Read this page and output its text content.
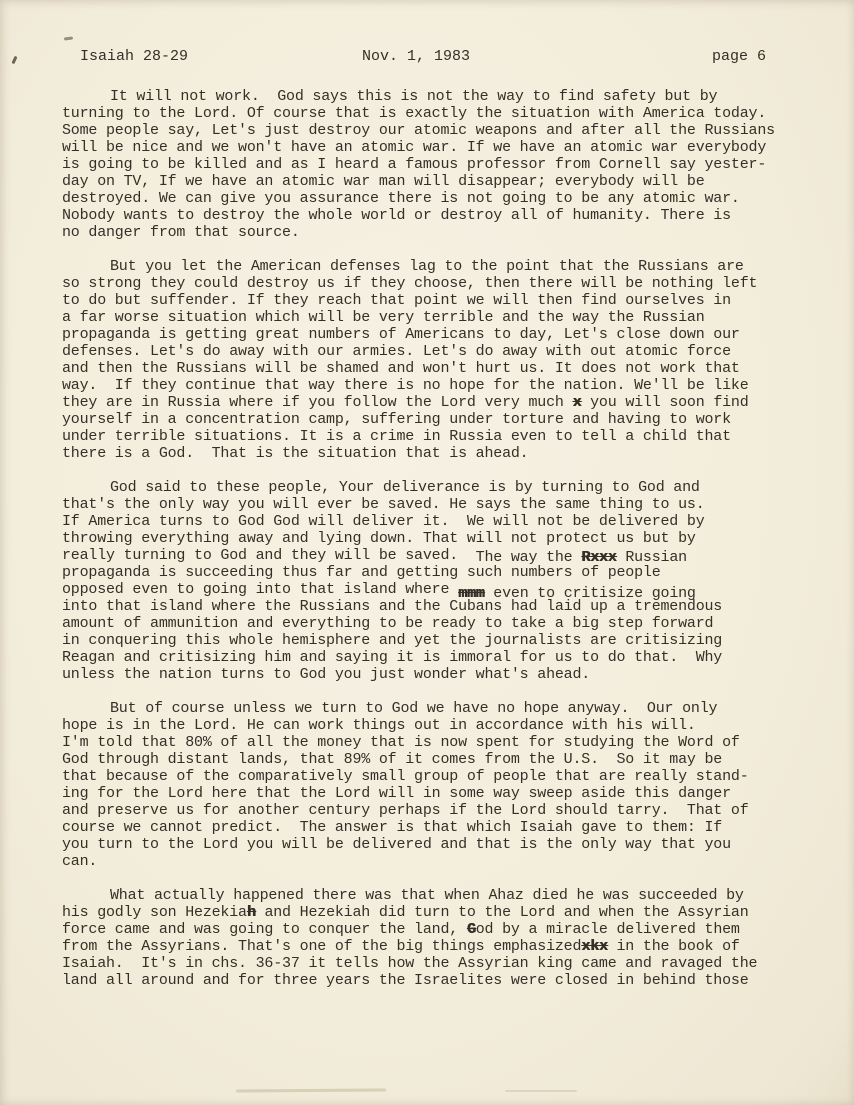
Isaiah 28-29	Nov. 1, 1983	page 6
It will not work.  God says this is not the way to find safety but by
turning to the Lord. Of course that is exactly the situation with America today.
Some people say, Let's just destroy our atomic weapons and after all the Russians
will be nice and we won't have an atomic war. If we have an atomic war everybody
is going to be killed and as I heard a famous professor from Cornell say yester-
day on TV, If we have an atomic war man will disappear; everybody will be
destroyed. We can give you assurance there is not going to be any atomic war.
Nobody wants to destroy the whole world or destroy all of humanity. There is
no danger from that source.
But you let the American defenses lag to the point that the Russians are
so strong they could destroy us if they choose, then there will be nothing left
to do but suffender. If they reach that point we will then find ourselves in
a far worse situation which will be very terrible and the way the Russian
propaganda is getting great numbers of Americans to day, Let's close down our
defenses. Let's do away with our armies. Let's do away with out atomic force
and then the Russians will be shamed and won't hurt us. It does not work that
way.  If they continue that way there is no hope for the nation. We'll be like
they are in Russia where if you follow the Lord very much x you will soon find
yourself in a concentration camp, suffering under torture and having to work
under terrible situations. It is a crime in Russia even to tell a child that
there is a God.  That is the situation that is ahead.
God said to these people, Your deliverance is by turning to God and
that's the only way you will ever be saved. He says the same thing to us.
If America turns to God God will deliver it.  We will not be delivered by
throwing everything away and lying down. That will not protect us but by
really turning to God and they will be saved.  The way the Rxxx Russian
propaganda is succeeding thus far and getting such numbers of people
opposed even to going into that island where mmm even to critisize going
into that island where the Russians and the Cubans had laid up a tremendous
amount of ammunition and everything to be ready to take a big step forward
in conquering this whole hemisphere and yet the journalists are critisizing
Reagan and critisizing him and saying it is immoral for us to do that.  Why
unless the nation turns to God you just wonder what's ahead.
But of course unless we turn to God we have no hope anyway.  Our only
hope is in the Lord. He can work things out in accordance with his will.
I'm told that 80% of all the money that is now spent for studying the Word of
God through distant lands, that 89% of it comes from the U.S.  So it may be
that because of the comparatively small group of people that are really stand-
ing for the Lord here that the Lord will in some way sweep aside this danger
and preserve us for another century perhaps if the Lord should tarry.  That of
course we cannot predict.  The answer is that which Isaiah gave to them: If
you turn to the Lord you will be delivered and that is the only way that you
can.
What actually happened there was that when Ahaz died he was succeeded by
his godly son Hezekiah and Hezekiah did turn to the Lord and when the Assyrian
force came and was going to conquer the land, God by a miracle delivered them
from the Assyrians. That's one of the big things emphasizedxkx in the book of
Isaiah.  It's in chs. 36-37 it tells how the Assyrian king came and ravaged the
land all around and for three years the Israelites were closed in behind those
